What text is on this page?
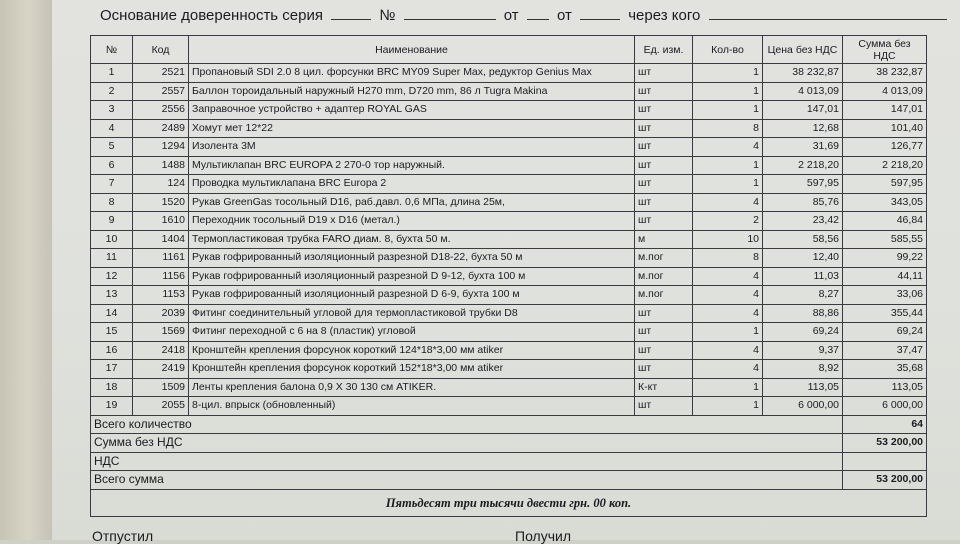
Основание доверенность серия	№	от	от	через кого
№	Код	Наименование	Ед. изм.	Кол-во	Цена без НДС	Сумма без НДС
1	2521	Пропановый SDI 2.0 8 цил. форсунки BRC MY09 Super Max, редуктор Genius Max	шт	1	38 232,87	38 232,87
2	2557	Баллон тороидальный наружный H270 mm, D720 mm, 86 л Tugra Makina	шт	1	4 013,09	4 013,09
3	2556	Заправочное устройство + адаптер ROYAL GAS	шт	1	147,01	147,01
4	2489	Хомут мет 12*22	шт	8	12,68	101,40
5	1294	Изолента 3M	шт	4	31,69	126,77
6	1488	Мультиклапан BRC EUROPA 2 270-0 тор наружный.	шт	1	2 218,20	2 218,20
7	124	Проводка мультиклапана BRC Europa 2	шт	1	597,95	597,95
8	1520	Рукав GreenGas тосольный D16, раб.давл. 0,6 МПа, длина 25м,	шт	4	85,76	343,05
9	1610	Переходник тосольный D19 x D16 (метал.)	шт	2	23,42	46,84
10	1404	Термопластиковая трубка FARO диам. 8, бухта 50 м.	м	10	58,56	585,55
11	1161	Рукав гофрированный изоляционный разрезной D18-22, бухта 50 м	м.пог	8	12,40	99,22
12	1156	Рукав гофрированный изоляционный разрезной D 9-12, бухта 100 м	м.пог	4	11,03	44,11
13	1153	Рукав гофрированный изоляционный разрезной D 6-9, бухта 100 м	м.пог	4	8,27	33,06
14	2039	Фитинг соединительный угловой для термопластиковой трубки D8	шт	4	88,86	355,44
15	1569	Фитинг переходной с 6 на 8 (пластик) угловой	шт	1	69,24	69,24
16	2418	Кронштейн крепления форсунок короткий 124*18*3,00 мм atiker	шт	4	9,37	37,47
17	2419	Кронштейн крепления форсунок короткий 152*18*3,00 мм atiker	шт	4	8,92	35,68
18	1509	Ленты крепления балона 0,9 X 30 130 см ATIKER.	К-кт	1	113,05	113,05
19	2055	8-цил. впрыск (обновленный)	шт	1	6 000,00	6 000,00
Всего количество						64
Сумма без НДС						53 200,00
НДС						
Всего сумма						53 200,00
Пятьдесят три тысячи двести грн. 00 коп.						
Отпустил	Получил
